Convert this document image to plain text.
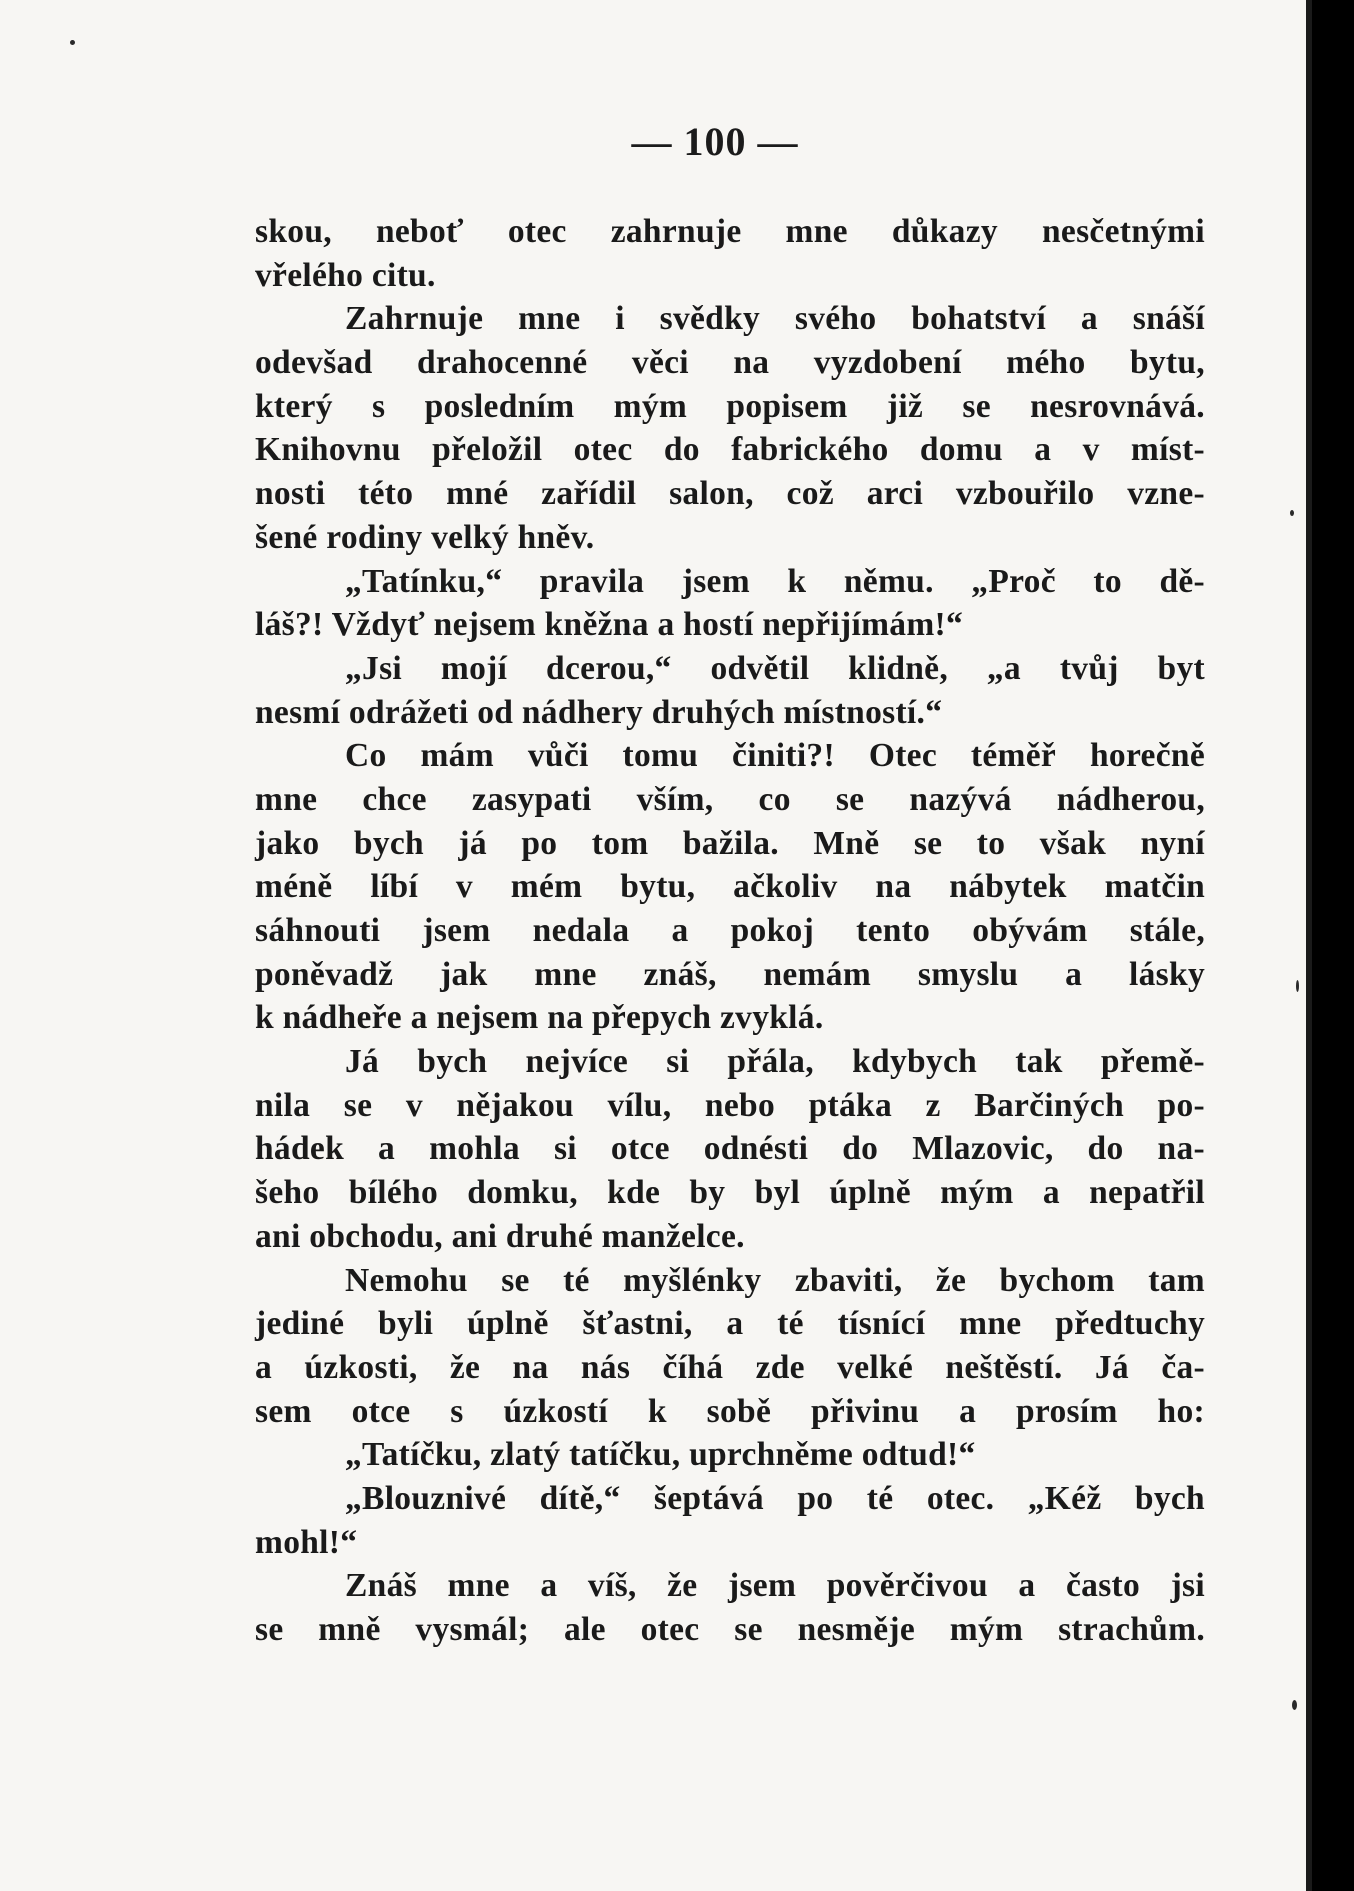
— 100 —
skou, neboť otec zahrnuje mne důkazy nesčetnými
vřelého citu.
Zahrnuje mne i svědky svého bohatství a snáší
odevšad drahocenné věci na vyzdobení mého bytu,
který s posledním mým popisem již se nesrovnává.
Knihovnu přeložil otec do fabrického domu a v míst-
nosti této mné zařídil salon, což arci vzbouřilo vzne-
šené rodiny velký hněv.
„Tatínku,“ pravila jsem k němu. „Proč to dě-
láš?! Vždyť nejsem kněžna a hostí nepřijímám!“
„Jsi mojí dcerou,“ odvětil klidně, „a tvůj byt
nesmí odrážeti od nádhery druhých místností.“
Co mám vůči tomu činiti?! Otec téměř horečně
mne chce zasypati vším, co se nazývá nádherou,
jako bych já po tom bažila. Mně se to však nyní
méně líbí v mém bytu, ačkoliv na nábytek matčin
sáhnouti jsem nedala a pokoj tento obývám stále,
poněvadž jak mne znáš, nemám smyslu a lásky
k nádheře a nejsem na přepych zvyklá.
Já bych nejvíce si přála, kdybych tak přemě-
nila se v nějakou vílu, nebo ptáka z Barčiných po-
hádek a mohla si otce odnésti do Mlazovic, do na-
šeho bílého domku, kde by byl úplně mým a nepatřil
ani obchodu, ani druhé manželce.
Nemohu se té myšlénky zbaviti, že bychom tam
jediné byli úplně šťastni, a té tísnící mne předtuchy
a úzkosti, že na nás číhá zde velké neštěstí. Já ča-
sem otce s úzkostí k sobě přivinu a prosím ho:
„Tatíčku, zlatý tatíčku, uprchněme odtud!“
„Blouznivé dítě,“ šeptává po té otec. „Kéž bych
mohl!“
Znáš mne a víš, že jsem pověrčivou a často jsi
se mně vysmál; ale otec se nesměje mým strachům.
